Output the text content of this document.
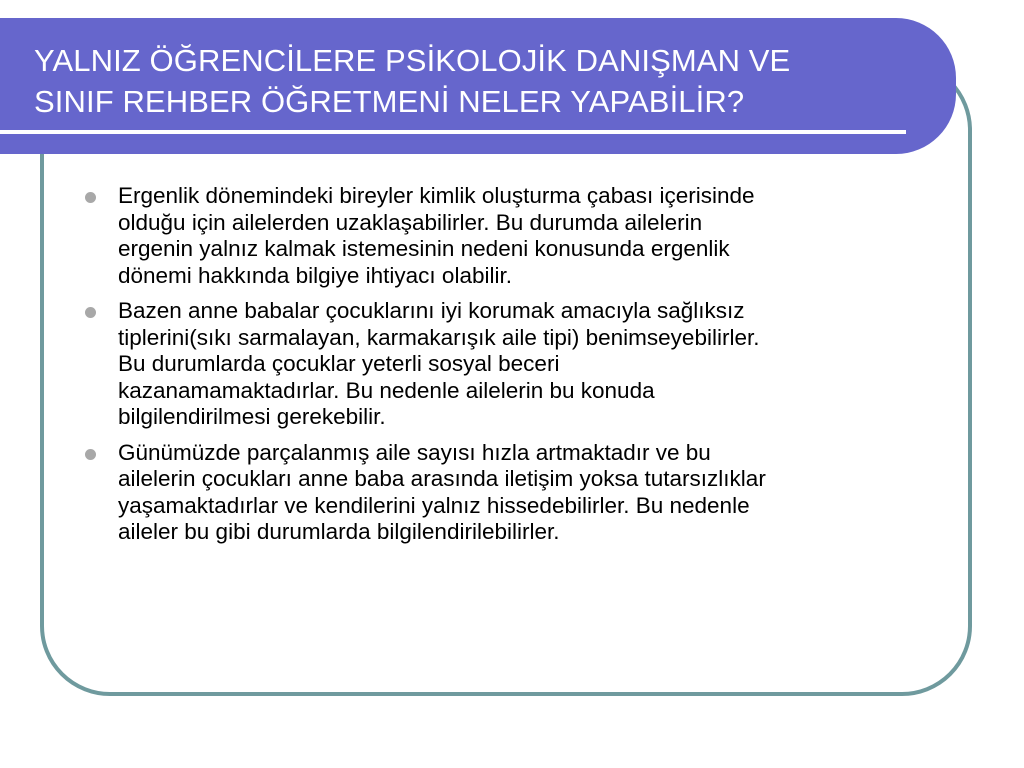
YALNIZ ÖĞRENCİLERE PSİKOLOJİK DANIŞMAN VE
SINIF REHBER ÖĞRETMENİ NELER YAPABİLİR?
Ergenlik dönemindeki bireyler kimlik oluşturma çabası içerisinde
olduğu için ailelerden uzaklaşabilirler. Bu durumda ailelerin
ergenin yalnız kalmak istemesinin nedeni konusunda ergenlik
dönemi hakkında bilgiye ihtiyacı olabilir.
Bazen anne babalar çocuklarını iyi korumak amacıyla sağlıksız
tiplerini(sıkı sarmalayan, karmakarışık aile tipi) benimseyebilirler.
Bu durumlarda çocuklar yeterli sosyal beceri
kazanamamaktadırlar. Bu nedenle ailelerin bu konuda
bilgilendirilmesi gerekebilir.
Günümüzde parçalanmış aile sayısı hızla artmaktadır ve bu
ailelerin çocukları anne baba arasında iletişim yoksa tutarsızlıklar
yaşamaktadırlar ve kendilerini yalnız hissedebilirler. Bu nedenle
aileler bu gibi durumlarda bilgilendirilebilirler.
